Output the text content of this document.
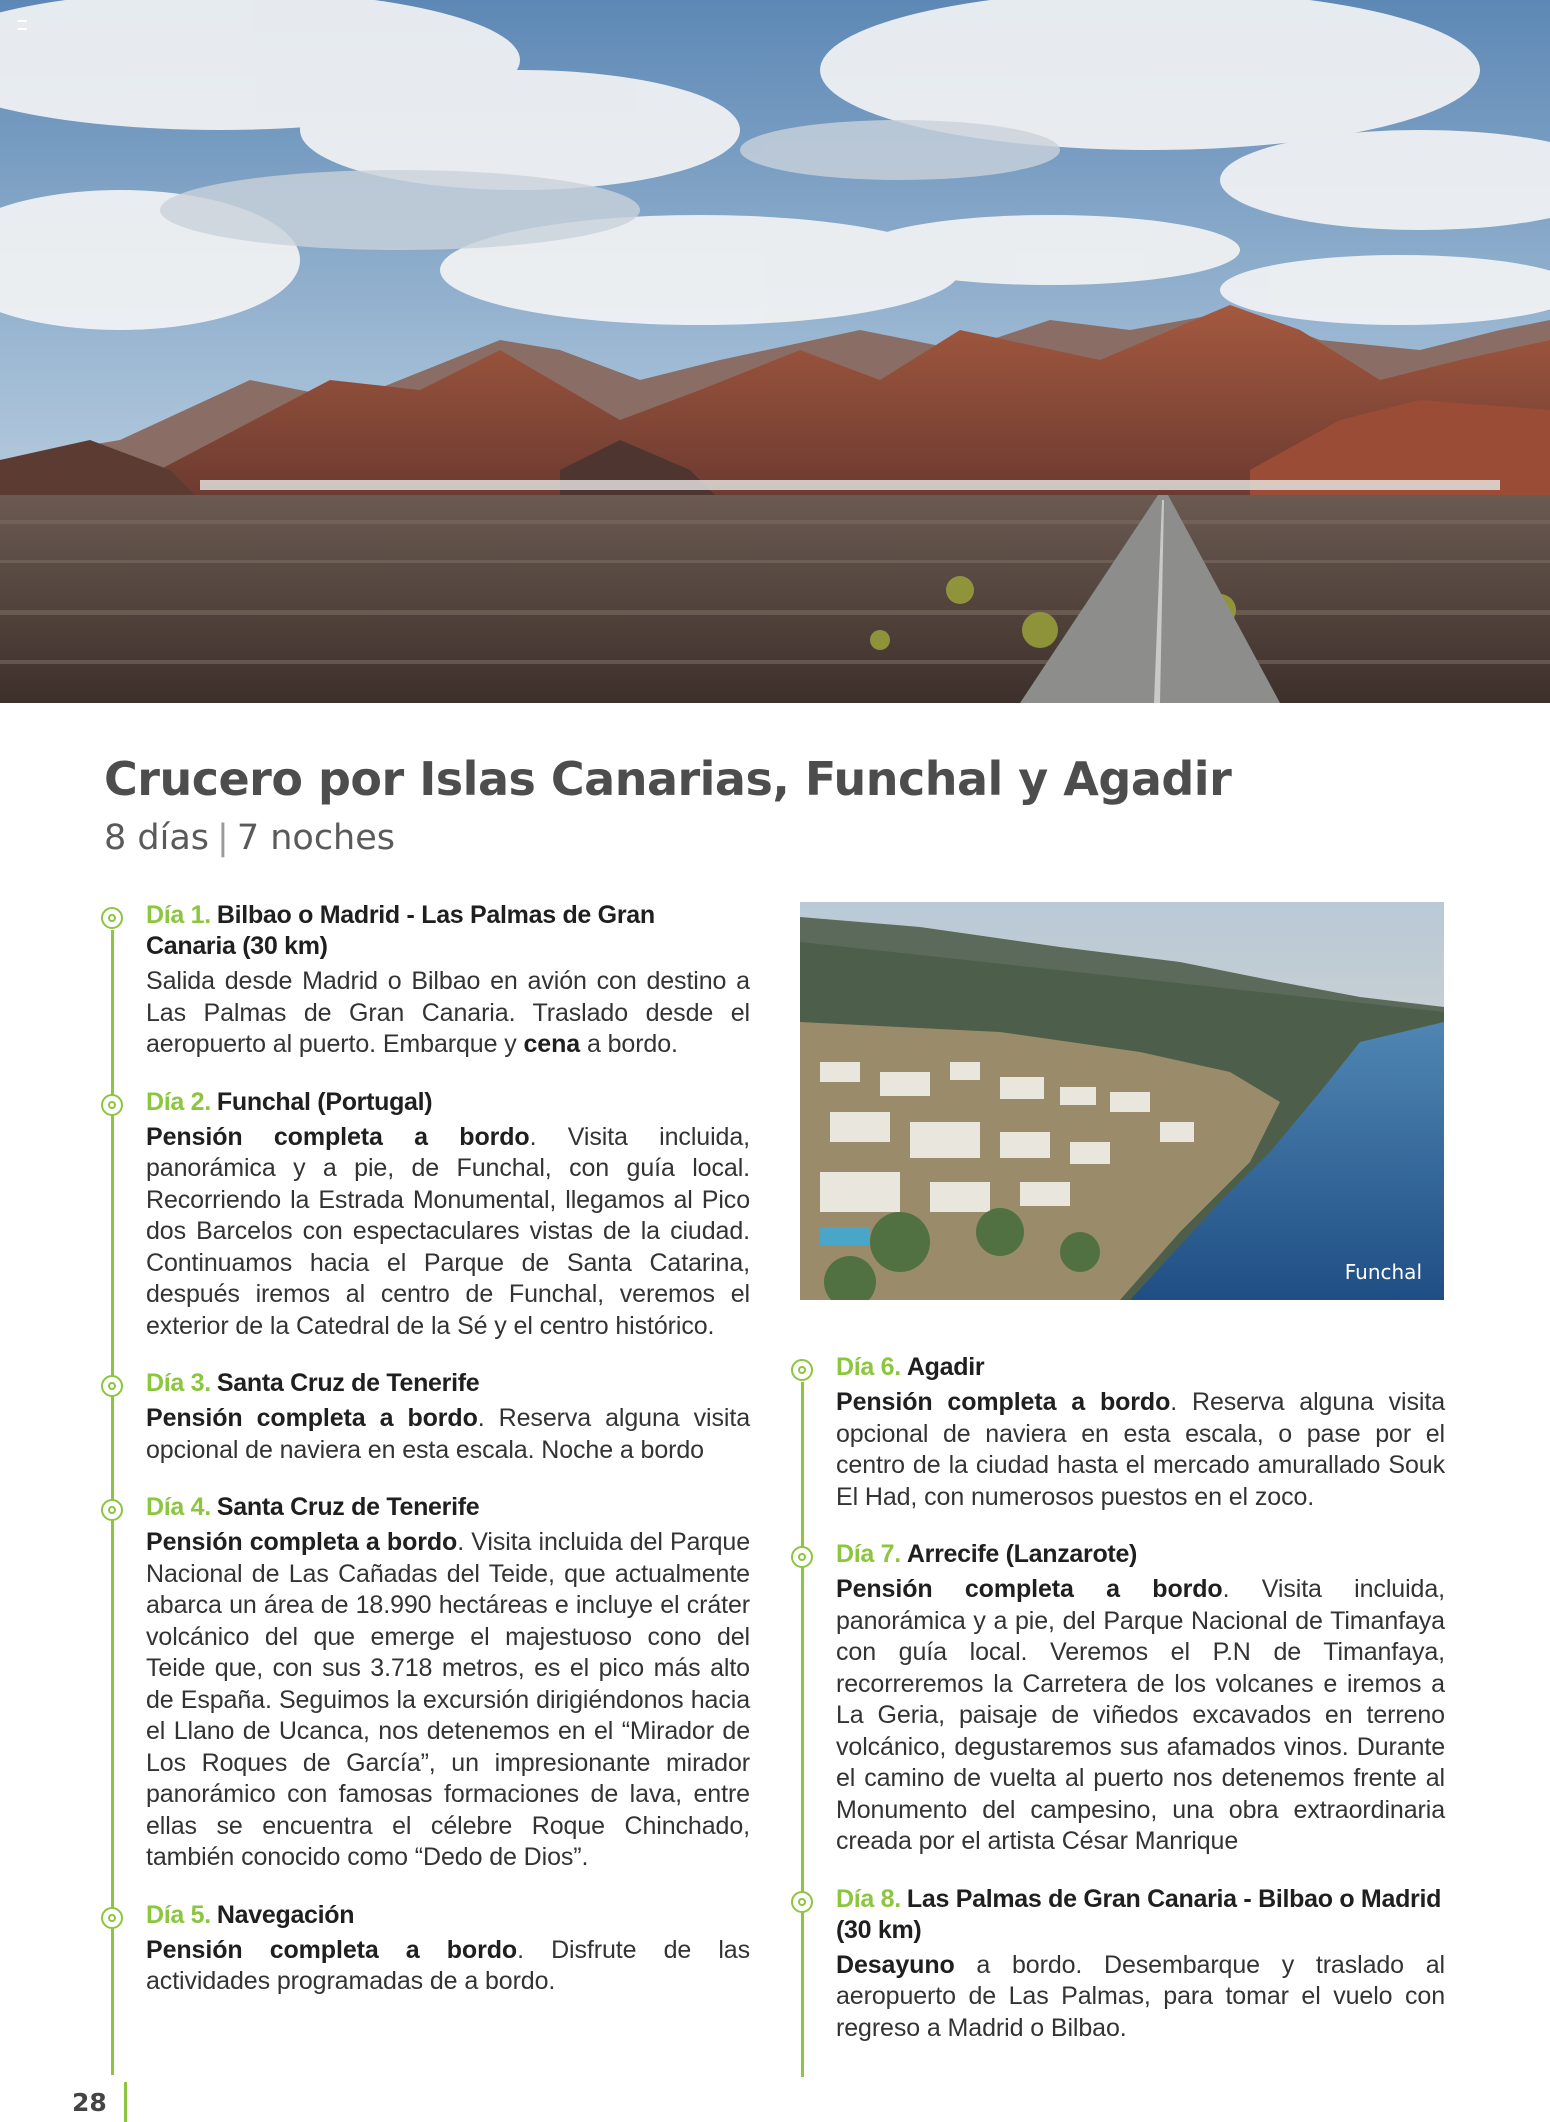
Crucero por Islas Canarias, Funchal y Agadir
8 días | 7 noches
Día 1. Bilbao o Madrid - Las Palmas de Gran Canaria (30 km)
Salida desde Madrid o Bilbao en avión con destino a Las Palmas de Gran Canaria. Traslado desde el aeropuerto al puerto. Embarque y cena a bordo.
Día 2. Funchal (Portugal)
Pensión completa a bordo. Visita incluida, panorámica y a pie, de Funchal, con guía local. Recorriendo la Estrada Monumental, llegamos al Pico dos Barcelos con espectaculares vistas de la ciudad. Continuamos hacia el Parque de Santa Catarina, después iremos al centro de Funchal, veremos el exterior de la Catedral de la Sé y el centro histórico.
Día 3. Santa Cruz de Tenerife
Pensión completa a bordo. Reserva alguna visita opcional de naviera en esta escala. Noche a bordo
Día 4. Santa Cruz de Tenerife
Pensión completa a bordo. Visita incluida del Parque Nacional de Las Cañadas del Teide, que actualmente abarca un área de 18.990 hectáreas e incluye el cráter volcánico del que emerge el majestuoso cono del Teide que, con sus 3.718 metros, es el pico más alto de España. Seguimos la excursión dirigiéndonos hacia el Llano de Ucanca, nos detenemos en el “Mirador de Los Roques de García”, un impresionante mirador panorámico con famosas formaciones de lava, entre ellas se encuentra el célebre Roque Chinchado, también conocido como “Dedo de Dios”.
Día 5. Navegación
Pensión completa a bordo. Disfrute de las actividades programadas de a bordo.
Funchal
Día 6. Agadir
Pensión completa a bordo. Reserva alguna visita opcional de naviera en esta escala, o pase por el centro de la ciudad hasta el mercado amurallado Souk El Had, con numerosos puestos en el zoco.
Día 7. Arrecife (Lanzarote)
Pensión completa a bordo. Visita incluida, panorámica y a pie, del Parque Nacional de Timanfaya con guía local. Veremos el P.N de Timanfaya, recorreremos la Carretera de los volcanes e iremos a La Geria, paisaje de viñedos excavados en terreno volcánico, degustaremos sus afamados vinos. Durante el camino de vuelta al puerto nos detenemos frente al Monumento del campesino, una obra extraordinaria creada por el artista César Manrique
Día 8. Las Palmas de Gran Canaria - Bilbao o Madrid (30 km)
Desayuno a bordo. Desembarque y traslado al aeropuerto de Las Palmas, para tomar el vuelo con regreso a Madrid o Bilbao.
28
